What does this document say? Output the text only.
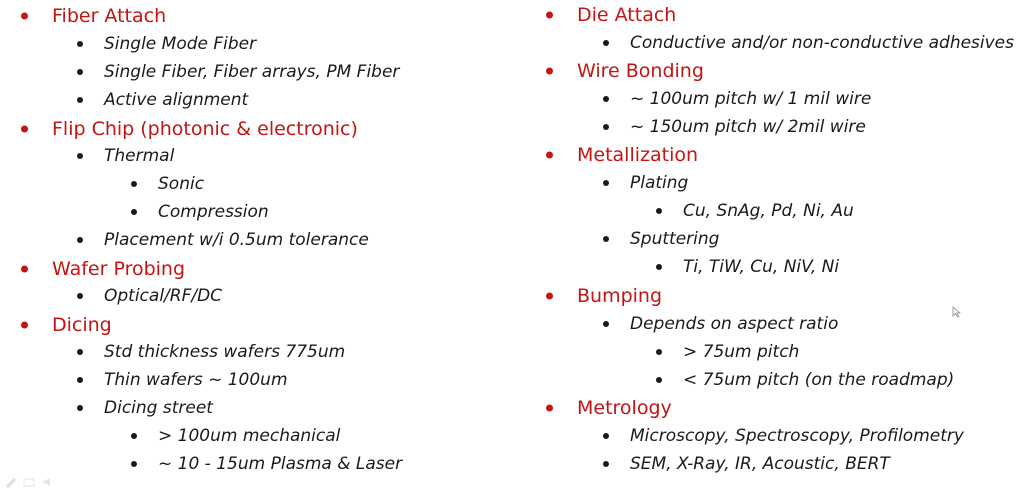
Fiber Attach
Single Mode Fiber
Single Fiber, Fiber arrays, PM Fiber
Active alignment
Flip Chip (photonic & electronic)
Thermal
Sonic
Compression
Placement w/i 0.5um tolerance
Wafer Probing
Optical/RF/DC
Dicing
Std thickness wafers 775um
Thin wafers ~ 100um
Dicing street
> 100um mechanical
~ 10 - 15um Plasma & Laser
Die Attach
Conductive and/or non-conductive adhesives
Wire Bonding
~ 100um pitch w/ 1 mil wire
~ 150um pitch w/ 2mil wire
Metallization
Plating
Cu, SnAg, Pd, Ni, Au
Sputtering
Ti, TiW, Cu, NiV, Ni
Bumping
Depends on aspect ratio
> 75um pitch
< 75um pitch (on the roadmap)
Metrology
Microscopy, Spectroscopy, Profilometry
SEM, X-Ray, IR, Acoustic, BERT
